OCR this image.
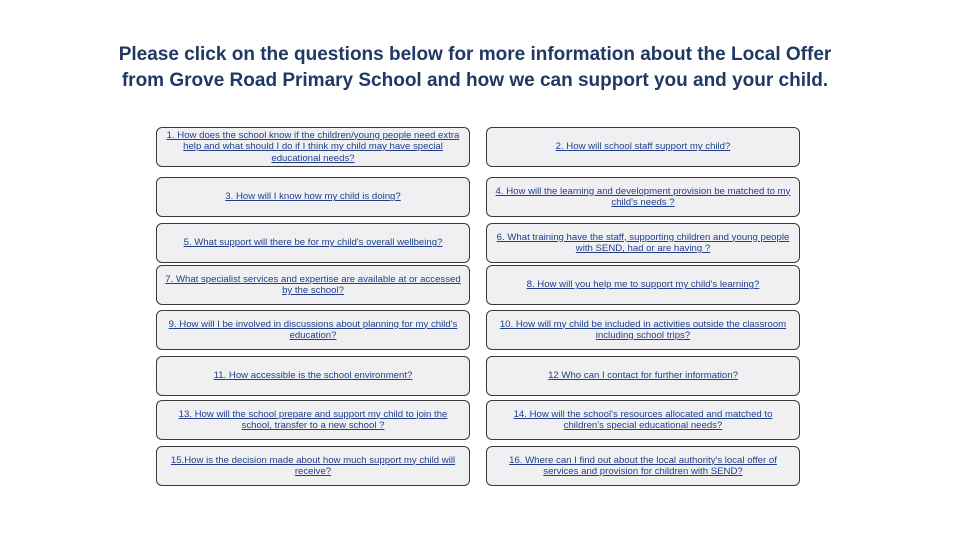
Please click on the questions below for more information about the Local Offer
from Grove Road Primary School and how we can support you and your child.
1. How does the school know if the children/young people need extra help and what should I do if I think my child may have special educational needs?
2. How will school staff support my child?
3. How will I know how my child is doing?
4. How will the learning and development provision be matched to my child's needs ?
5. What support will there be for my child's overall wellbeing?
6. What training have the staff, supporting children and young people with SEND, had or are having ?
7. What specialist services and expertise are available at or accessed by the school?
8. How will you help me to support my child's learning?
9. How will I be involved in discussions about planning for my child's education?
10. How will my child be included in activities outside the classroom including school trips?
11. How accessible is the school environment?	12 Who can I contact for further information?
13. How will the school prepare and support my child to join the school, transfer to a new school ?
14. How will the school's resources allocated and matched to children's special educational needs?
15.How is the decision made about how much support my child will receive?
16. Where can I find out about the local authority's local offer of services and provision for children with SEND?
